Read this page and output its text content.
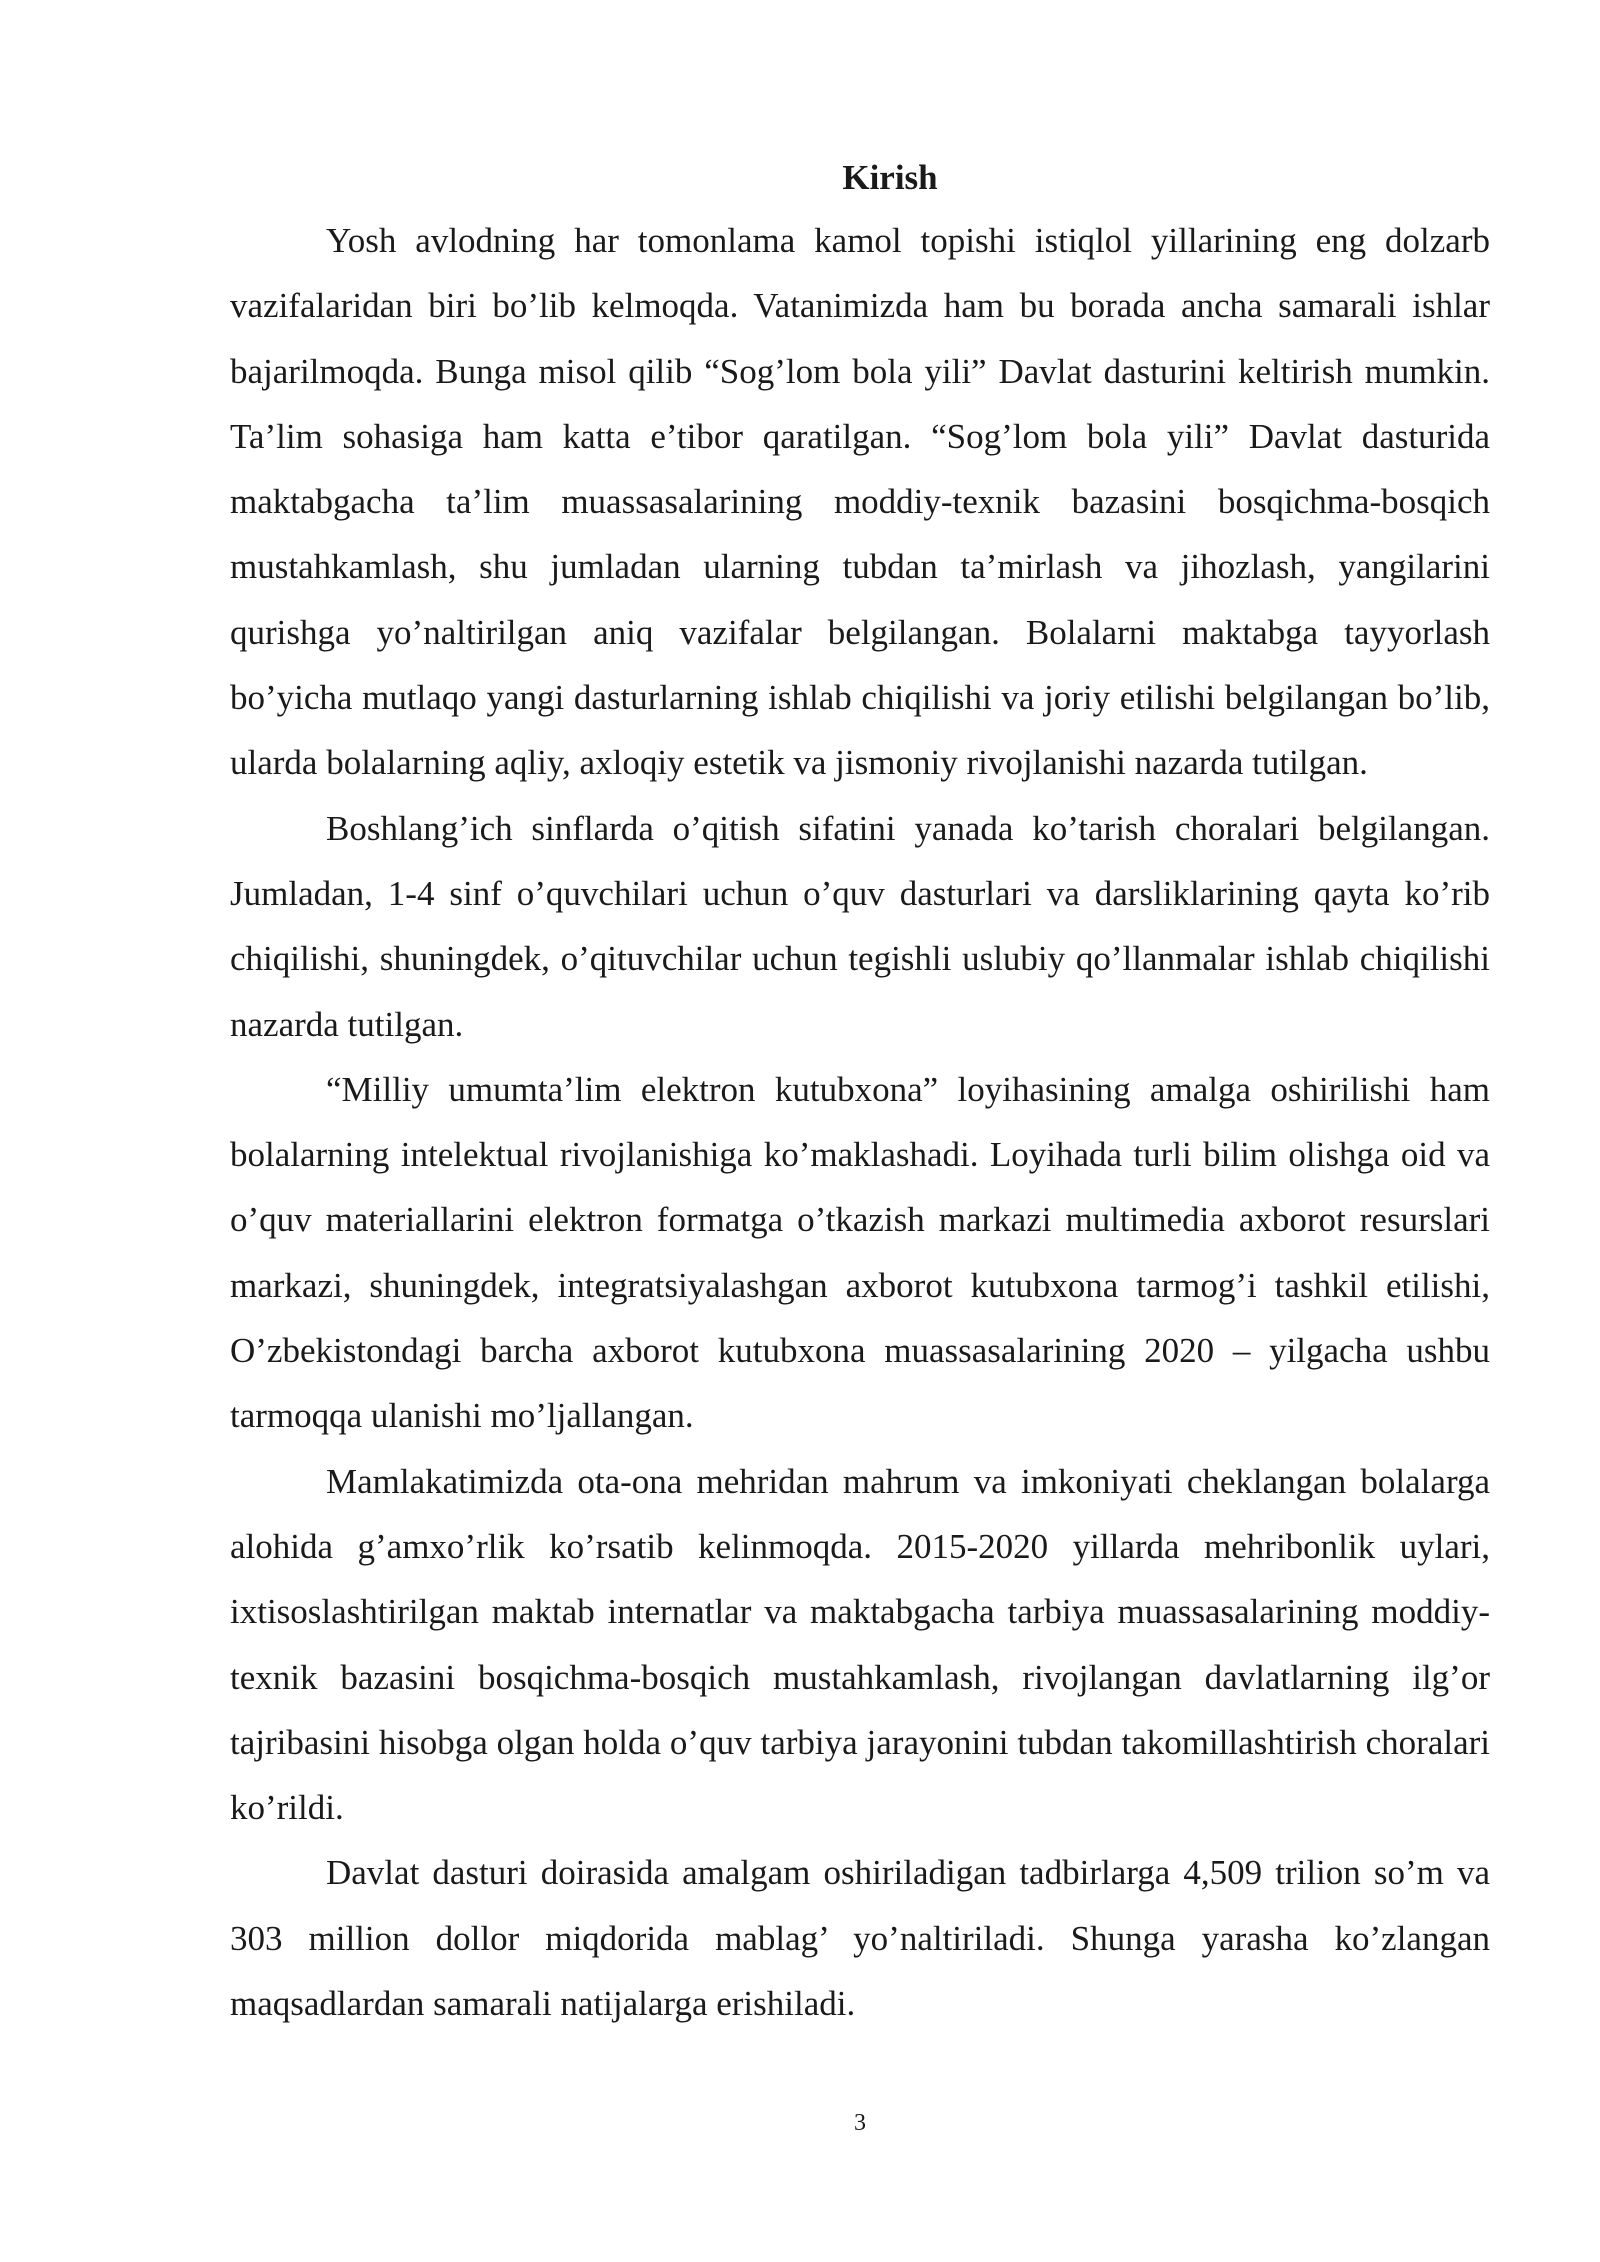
Kirish

Yosh avlodning har tomonlama kamol topishi istiqlol yillarining eng dolzarb vazifalaridan biri bo’lib kelmoqda. Vatanimizda ham bu borada ancha samarali ishlar bajarilmoqda. Bunga misol qilib “Sog’lom bola yili” Davlat dasturini keltirish mumkin. Ta’lim sohasiga ham katta e’tibor qaratilgan. “Sog’lom bola yili” Davlat dasturida maktabgacha ta’lim muassasalarining moddiy-texnik bazasini bosqichma-bosqich mustahkamlash, shu jumladan ularning tubdan ta’mirlash va jihozlash, yangilarini qurishga yo’naltirilgan aniq vazifalar belgilangan. Bolalarni maktabga tayyorlash bo’yicha mutlaqo yangi dasturlarning ishlab chiqilishi va joriy etilishi belgilangan bo’lib, ularda bolalarning aqliy, axloqiy estetik va jismoniy rivojlanishi nazarda tutilgan.

Boshlang’ich sinflarda o’qitish sifatini yanada ko’tarish choralari belgilangan. Jumladan, 1-4 sinf o’quvchilari uchun o’quv dasturlari va darsliklarining qayta ko’rib chiqilishi, shuningdek, o’qituvchilar uchun tegishli uslubiy qo’llanmalar ishlab chiqilishi nazarda tutilgan.

“Milliy umumta’lim elektron kutubxona” loyihasining amalga oshirilishi ham bolalarning intelektual rivojlanishiga ko’maklashadi. Loyihada turli bilim olishga oid va o’quv materiallarini elektron formatga o’tkazish markazi multimedia axborot resurslari markazi, shuningdek, integratsiyalashgan axborot kutubxona tarmog’i tashkil etilishi, O’zbekistondagi barcha axborot kutubxona muassasalarining 2020 – yilgacha ushbu tarmoqqa ulanishi mo’ljallangan.

Mamlakatimizda ota-ona mehridan mahrum va imkoniyati cheklangan bolalarga alohida g’amxo’rlik ko’rsatib kelinmoqda. 2015-2020 yillarda mehribonlik uylari, ixtisoslashtirilgan maktab internatlar va maktabgacha tarbiya muassasalarining moddiy-texnik bazasini bosqichma-bosqich mustahkamlash, rivojlangan davlatlarning ilg’or tajribasini hisobga olgan holda o’quv tarbiya jarayonini tubdan takomillashtirish choralari ko’rildi.

Davlat dasturi doirasida amalgam oshiriladigan tadbirlarga 4,509 trilion so’m va 303 million dollor miqdorida mablag’ yo’naltiriladi. Shunga yarasha ko’zlangan maqsadlardan samarali natijalarga erishiladi.

3
